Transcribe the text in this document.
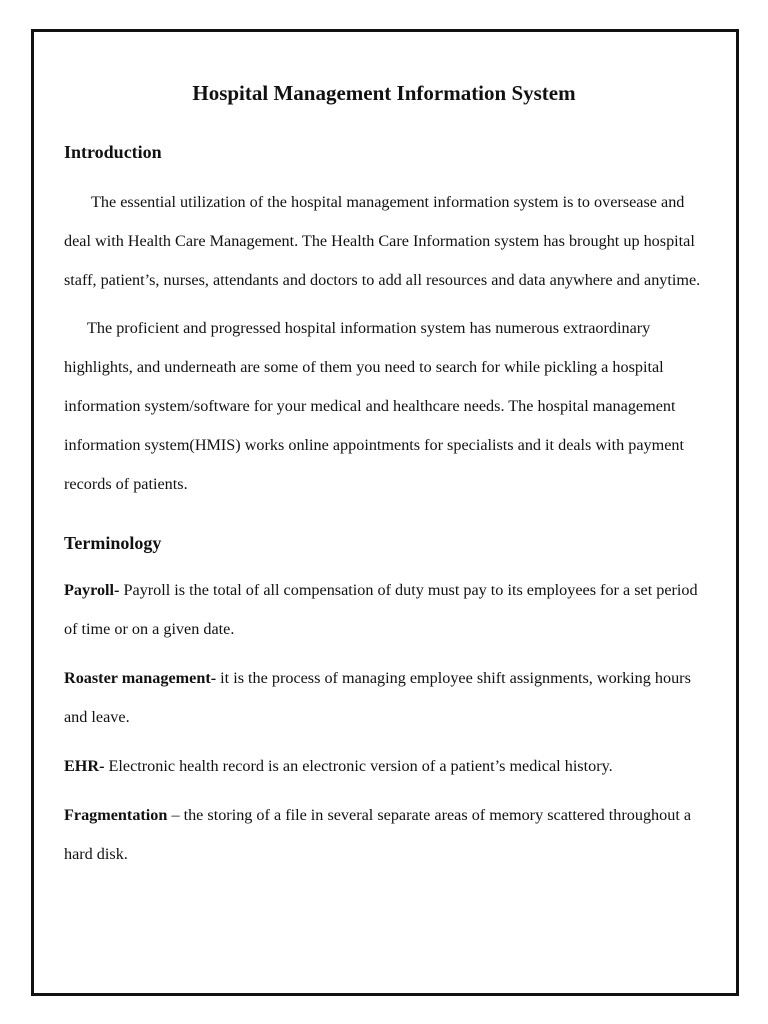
Hospital Management Information System
Introduction

The essential utilization of the hospital management information system is to oversease and deal with Health Care Management. The Health Care Information system has brought up hospital staff, patient’s, nurses, attendants and doctors to add all resources and data anywhere and anytime.

The proficient and progressed hospital information system has numerous extraordinary highlights, and underneath are some of them you need to search for while pickling a hospital information system/software for your medical and healthcare needs. The hospital management information system(HMIS) works online appointments for specialists and it deals with payment records of patients.

Terminology

Payroll- Payroll is the total of all compensation of duty must pay to its employees for a set period of time or on a given date.

Roaster management- it is the process of managing employee shift assignments, working hours and leave.

EHR- Electronic health record is an electronic version of a patient’s medical history.

Fragmentation – the storing of a file in several separate areas of memory scattered throughout a hard disk.
